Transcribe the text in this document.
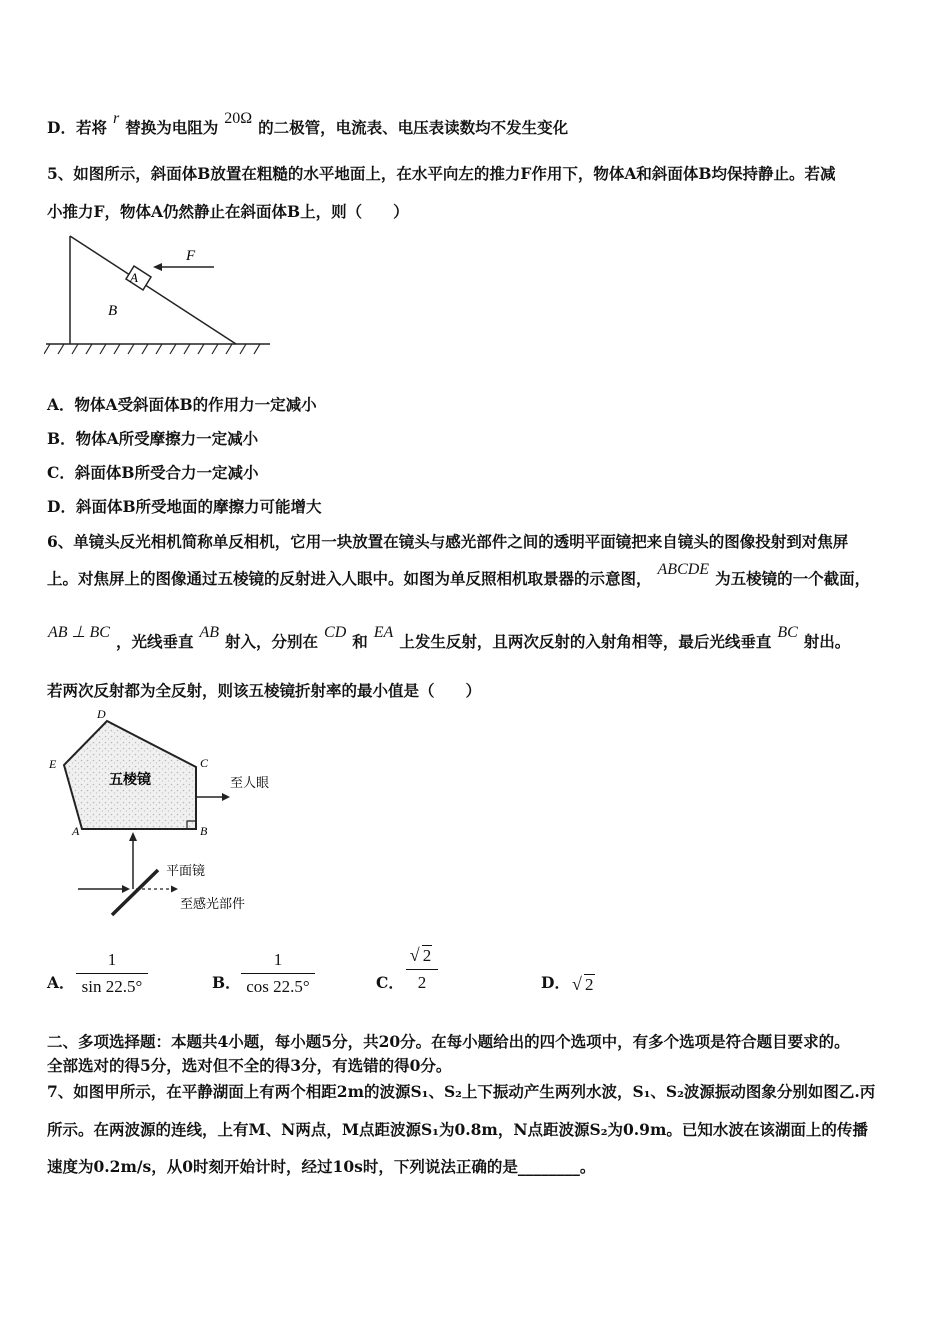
D．若将 r 替换为电阻为 20Ω 的二极管，电流表、电压表读数均不发生变化
5、如图所示，斜面体B放置在粗糙的水平地面上，在水平向左的推力F作用下，物体A和斜面体B均保持静止。若减
小推力F，物体A仍然静止在斜面体B上，则（　　）
A
F
B
A．物体A受斜面体B的作用力一定减小
B．物体A所受摩擦力一定减小
C．斜面体B所受合力一定减小
D．斜面体B所受地面的摩擦力可能增大
6、单镜头反光相机简称单反相机，它用一块放置在镜头与感光部件之间的透明平面镜把来自镜头的图像投射到对焦屏
上。对焦屏上的图像通过五棱镜的反射进入人眼中。如图为单反照相机取景器的示意图， ABCDE 为五棱镜的一个截面，
AB ⊥ BC ，光线垂直 AB 射入，分别在 CD 和 EA 上发生反射，且两次反射的入射角相等，最后光线垂直 BC 射出。
若两次反射都为全反射，则该五棱镜折射率的最小值是（　　）
五棱镜
D
E	C
A	B
至人眼
平面镜
至感光部件
A．
1
sin 22.5°	B．
1
cos 22.5°	C．
√ 2
2	D．
√ 2
二、多项选择题：本题共4小题，每小题5分，共20分。在每小题给出的四个选项中，有多个选项是符合题目要求的。
全部选对的得5分，选对但不全的得3分，有选错的得0分。
7、如图甲所示，在平静湖面上有两个相距2m的波源S₁、S₂上下振动产生两列水波，S₁、S₂波源振动图象分别如图乙.丙
所示。在两波源的连线，上有M、N两点，M点距波源S₁为0.8m，N点距波源S₂为0.9m。已知水波在该湖面上的传播
速度为0.2m/s，从0时刻开始计时，经过10s时，下列说法正确的是________。
